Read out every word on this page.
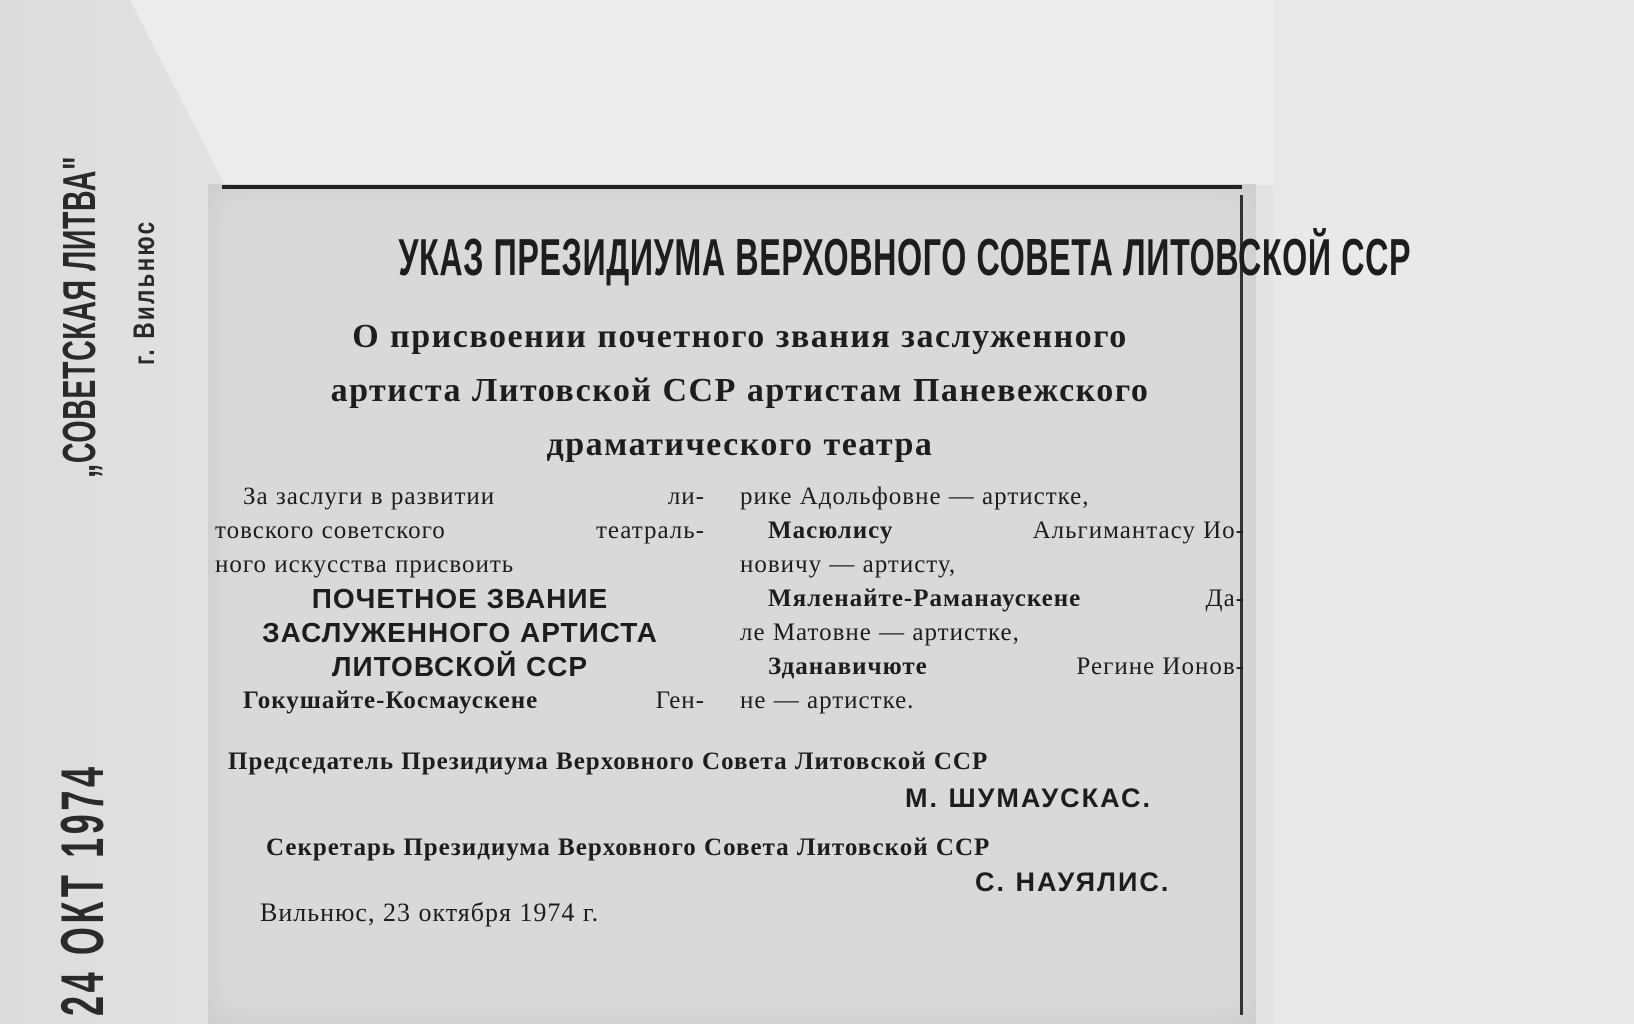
„СОВЕТСКАЯ ЛИТВА" г. Вильнюс
24 ОКТ 1974
УКАЗ ПРЕЗИДИУМА ВЕРХОВНОГО СОВЕТА ЛИТОВСКОЙ ССР
О присвоении почетного звания заслуженного
артиста Литовской ССР артистам Паневежского
драматического театра

За заслуги в развитии	ли-

товского советского	театраль-

ного искусства присвоить

ПОЧЕТНОЕ ЗВАНИЕ

ЗАСЛУЖЕННОГО АРТИСТА

ЛИТОВСКОЙ ССР

Гокушайте-Космаускене	Ген-

рике Адольфовне — артистке,

Масюлису	Альгимантасу Ио-

новичу — артисту,

Мяленайте-Раманаускене	Да-

ле Матовне — артистке,

Зданавичюте	Регине Ионов-

не — артистке.

Председатель Президиума Верховного Совета Литовской ССР
М. ШУМАУСКАС.
Секретарь Президиума Верховного Совета Литовской ССР
С. НАУЯЛИС.
Вильнюс, 23 октября 1974 г.
